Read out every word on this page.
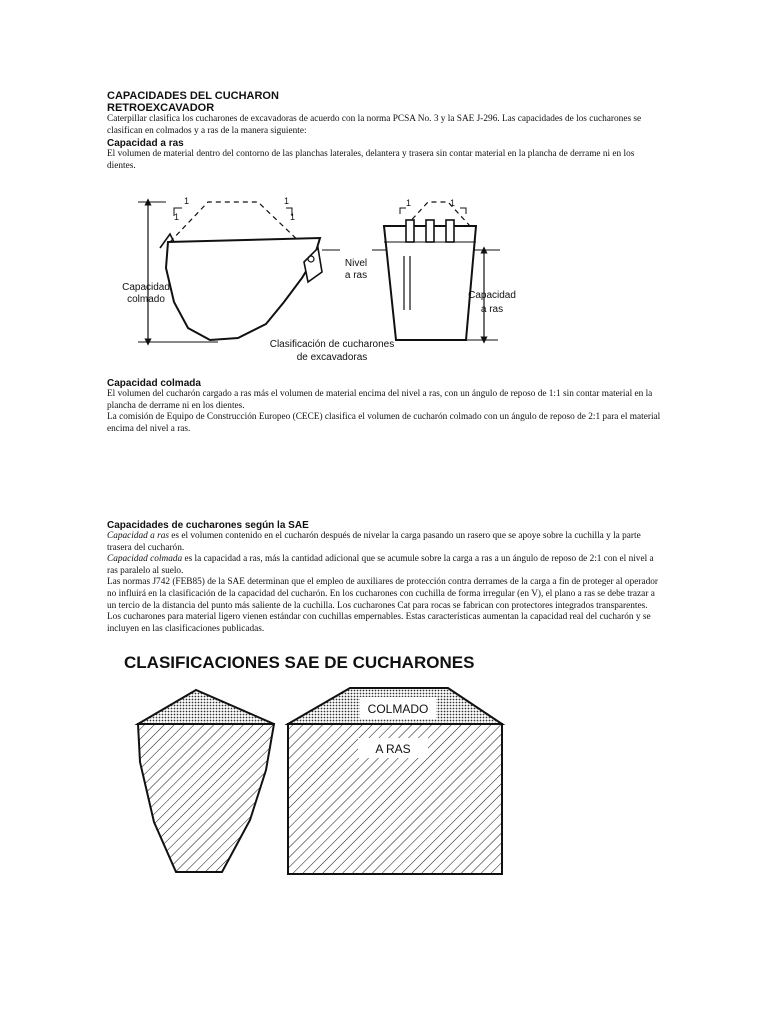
CAPACIDADES DEL CUCHARON

RETROEXCAVADOR

Caterpillar clasifica los cucharones de excavadoras de acuerdo con la norma PCSA No. 3 y la SAE J-296. Las capacidades de los cucharones se clasifican en colmados y a ras de la manera siguiente:

Capacidad a ras

El volumen de material dentro del contorno de las planchas laterales, delantera y trasera sin contar material en la plancha de derrame ni en los dientes.

1
1	1
1
Capacidad
colmado
Nivel
a ras
1	1
Capacidad
a ras
Clasificación de cucharones
de excavadoras

Capacidad colmada

El volumen del cucharón cargado a ras más el volumen de material encima del nivel a ras, con un ángulo de reposo de 1:1 sin contar material en la plancha de derrame ni en los dientes.

La comisión de Equipo de Construcción Europeo (CECE) clasifica el volumen de cucharón colmado con un ángulo de reposo de 2:1 para el material encima del nivel a ras.

Capacidades de cucharones según la SAE

Capacidad a ras es el volumen contenido en el cucharón después de nivelar la carga pasando un rasero que se apoye sobre la cuchilla y la parte trasera del cucharón.

Capacidad colmada es la capacidad a ras, más la cantidad adicional que se acumule sobre la carga a ras a un ángulo de reposo de 2:1 con el nivel a ras paralelo al suelo.

Las normas J742 (FEB85) de la SAE determinan que el empleo de auxiliares de protección contra derrames de la carga a fin de proteger al operador no influirá en la clasificación de la capacidad del cucharón. En los cucharones con cuchilla de forma irregular (en V), el plano a ras se debe trazar a un tercio de la distancia del punto más saliente de la cuchilla. Los cucharones Cat para rocas se fabrican con protectores integrados transparentes. Los cucharones para material ligero vienen estándar con cuchillas empernables. Estas características aumentan la capacidad real del cucharón y se incluyen en las clasificaciones publicadas.

CLASIFICACIONES SAE DE CUCHARONES
COLMADO
A RAS
